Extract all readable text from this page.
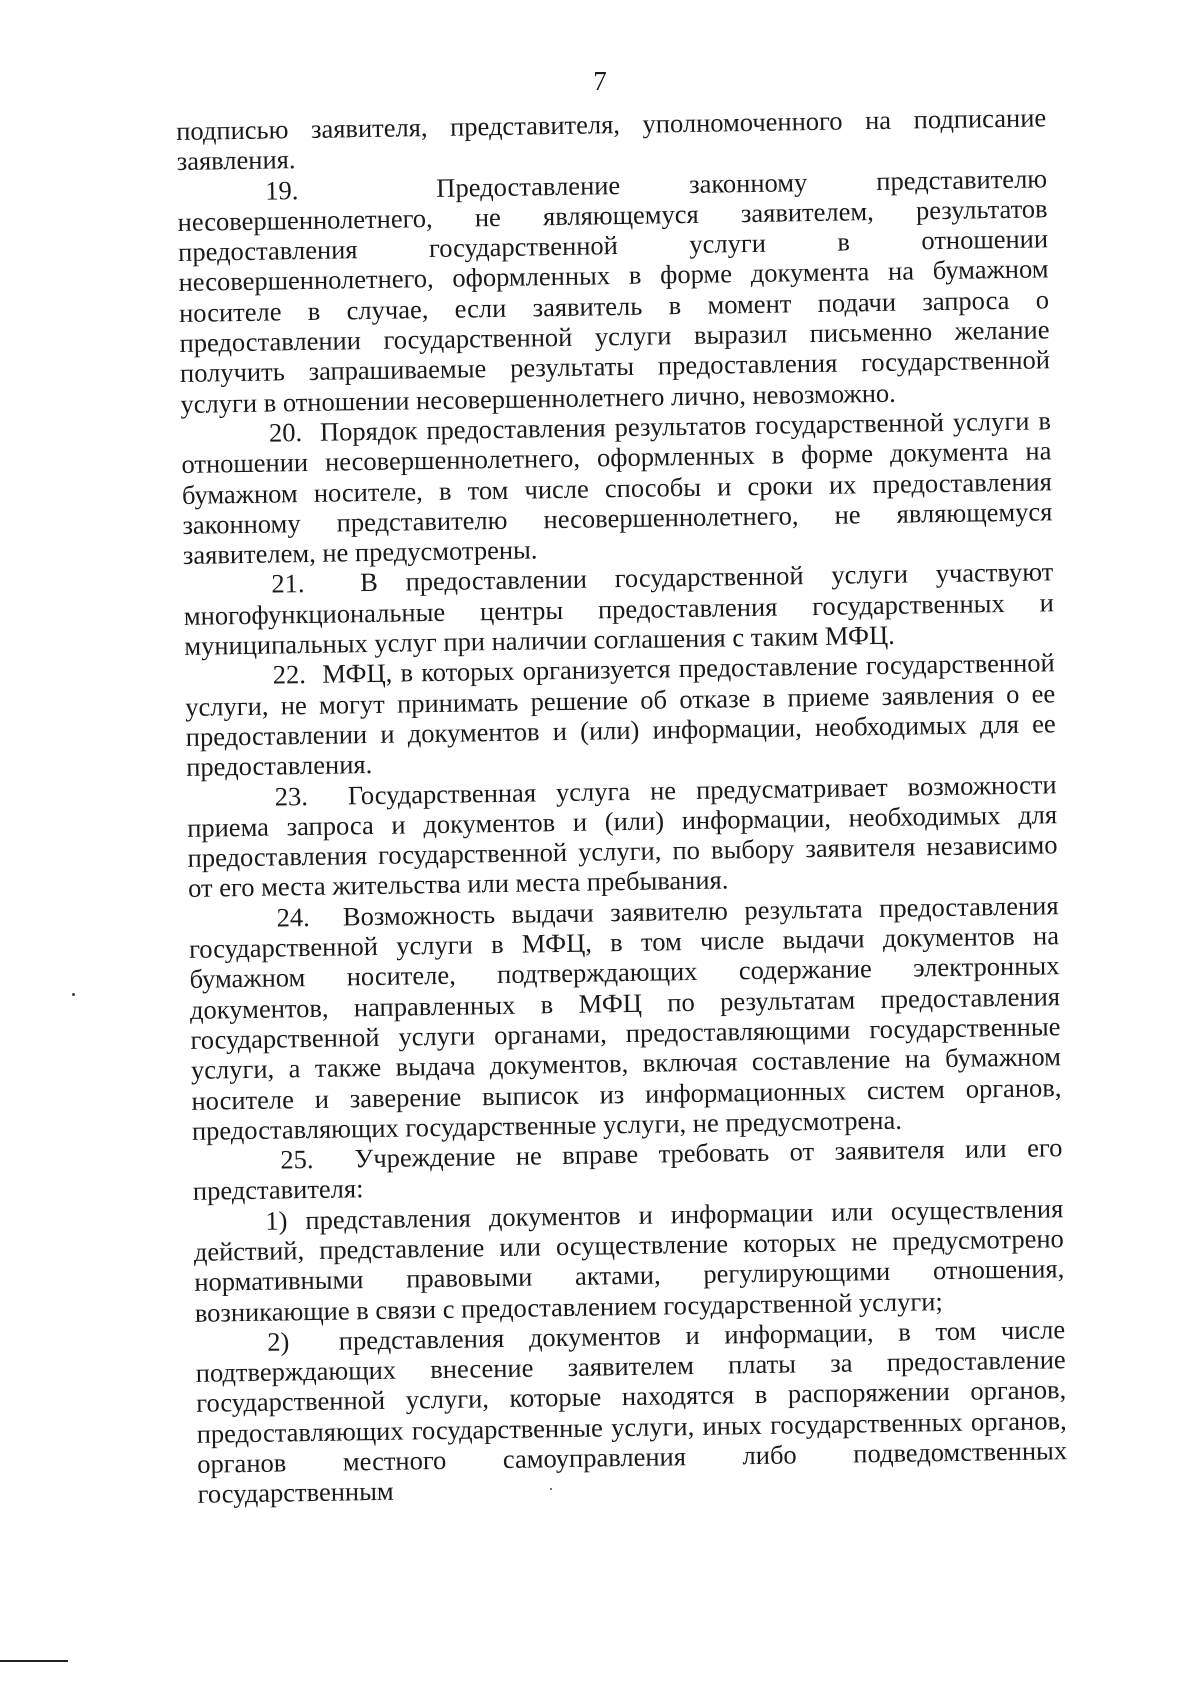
7

подписью заявителя, представителя, уполномоченного на подписание заявления.

19.  Предоставление законному представителю несовершеннолетнего, не являющемуся заявителем, результатов предоставления государственной услуги в отношении несовершеннолетнего, оформленных в форме документа на бумажном носителе в случае, если заявитель в момент подачи запроса о предоставлении государственной услуги выразил письменно желание получить запрашиваемые результаты предоставления государственной услуги в отношении несовершеннолетнего лично, невозможно.

20.  Порядок предоставления результатов государственной услуги в отношении несовершеннолетнего, оформленных в форме документа на бумажном носителе, в том числе способы и сроки их предоставления законному представителю несовершеннолетнего, не являющемуся заявителем, не предусмотрены.

21.  В предоставлении государственной услуги участвуют многофункциональные центры предоставления государственных и муниципальных услуг при наличии соглашения с таким МФЦ.

22.  МФЦ, в которых организуется предоставление государственной услуги, не могут принимать решение об отказе в приеме заявления о ее предоставлении и документов и (или) информации, необходимых для ее предоставления.

23.  Государственная услуга не предусматривает возможности приема запроса и документов и (или) информации, необходимых для предоставления государственной услуги, по выбору заявителя независимо от его места жительства или места пребывания.

24.  Возможность выдачи заявителю результата предоставления государственной услуги в МФЦ, в том числе выдачи документов на бумажном носителе, подтверждающих содержание электронных документов, направленных в МФЦ по результатам предоставления государственной услуги органами, предоставляющими государственные услуги, а также выдача документов, включая составление на бумажном носителе и заверение выписок из информационных систем органов, предоставляющих государственные услуги, не предусмотрена.

25.  Учреждение не вправе требовать от заявителя или его представителя:

1) представления документов и информации или осуществления действий, представление или осуществление которых не предусмотрено нормативными правовыми актами, регулирующими отношения, возникающие в связи с предоставлением государственной услуги;

2)  представления документов и информации, в том числе подтверждающих внесение заявителем платы за предоставление государственной услуги, которые находятся в распоряжении органов, предоставляющих государственные услуги, иных государственных органов, органов местного самоуправления либо подведомственных государственным
